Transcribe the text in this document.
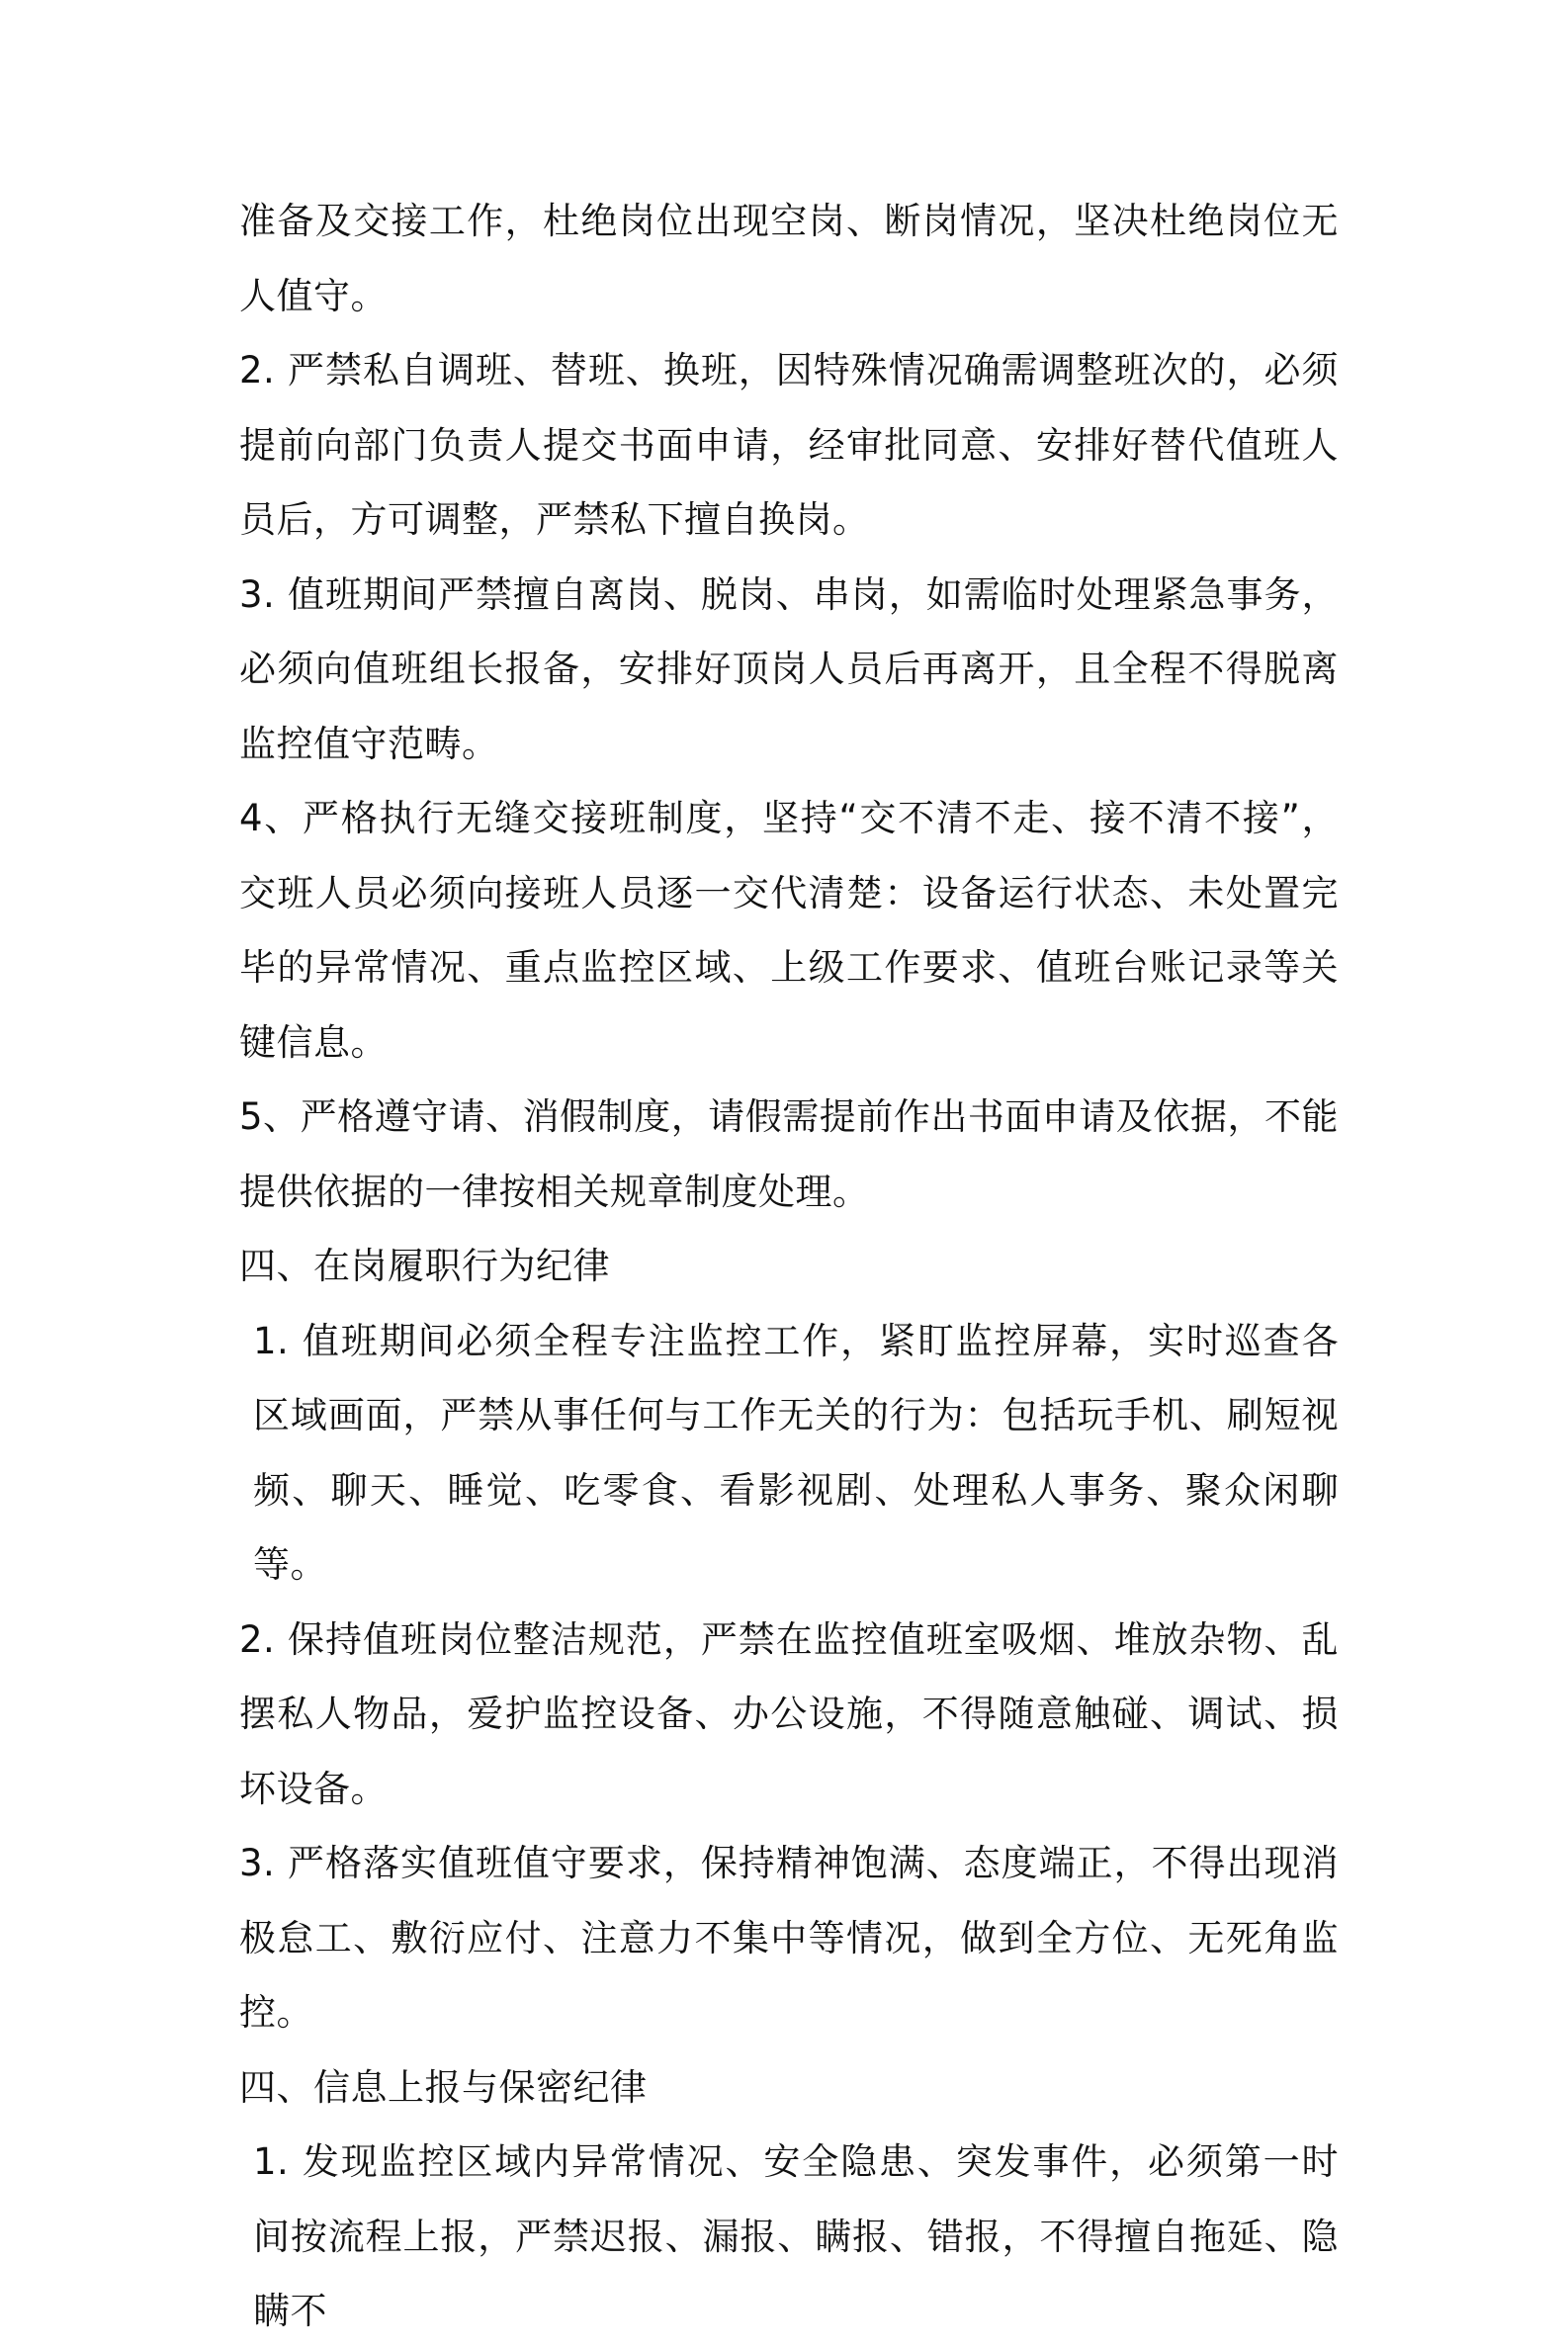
准备及交接工作，杜绝岗位出现空岗、断岗情况，坚决杜绝岗位无人值守。

2. 严禁私自调班、替班、换班，因特殊情况确需调整班次的，必须提前向部门负责人提交书面申请，经审批同意、安排好替代值班人员后，方可调整，严禁私下擅自换岗。

3. 值班期间严禁擅自离岗、脱岗、串岗，如需临时处理紧急事务，必须向值班组长报备，安排好顶岗人员后再离开，且全程不得脱离监控值守范畴。

4、严格执行无缝交接班制度，坚持“交不清不走、接不清不接”，交班人员必须向接班人员逐一交代清楚：设备运行状态、未处置完毕的异常情况、重点监控区域、上级工作要求、值班台账记录等关键信息。

5、严格遵守请、消假制度，请假需提前作出书面申请及依据，不能提供依据的一律按相关规章制度处理。

四、在岗履职行为纪律

1. 值班期间必须全程专注监控工作，紧盯监控屏幕，实时巡查各区域画面，严禁从事任何与工作无关的行为：包括玩手机、刷短视频、聊天、睡觉、吃零食、看影视剧、处理私人事务、聚众闲聊等。

2. 保持值班岗位整洁规范，严禁在监控值班室吸烟、堆放杂物、乱摆私人物品，爱护监控设备、办公设施，不得随意触碰、调试、损坏设备。

3. 严格落实值班值守要求，保持精神饱满、态度端正，不得出现消极怠工、敷衍应付、注意力不集中等情况，做到全方位、无死角监控。

四、信息上报与保密纪律

1. 发现监控区域内异常情况、安全隐患、突发事件，必须第一时间按流程上报，严禁迟报、漏报、瞒报、错报，不得擅自拖延、隐瞒不
